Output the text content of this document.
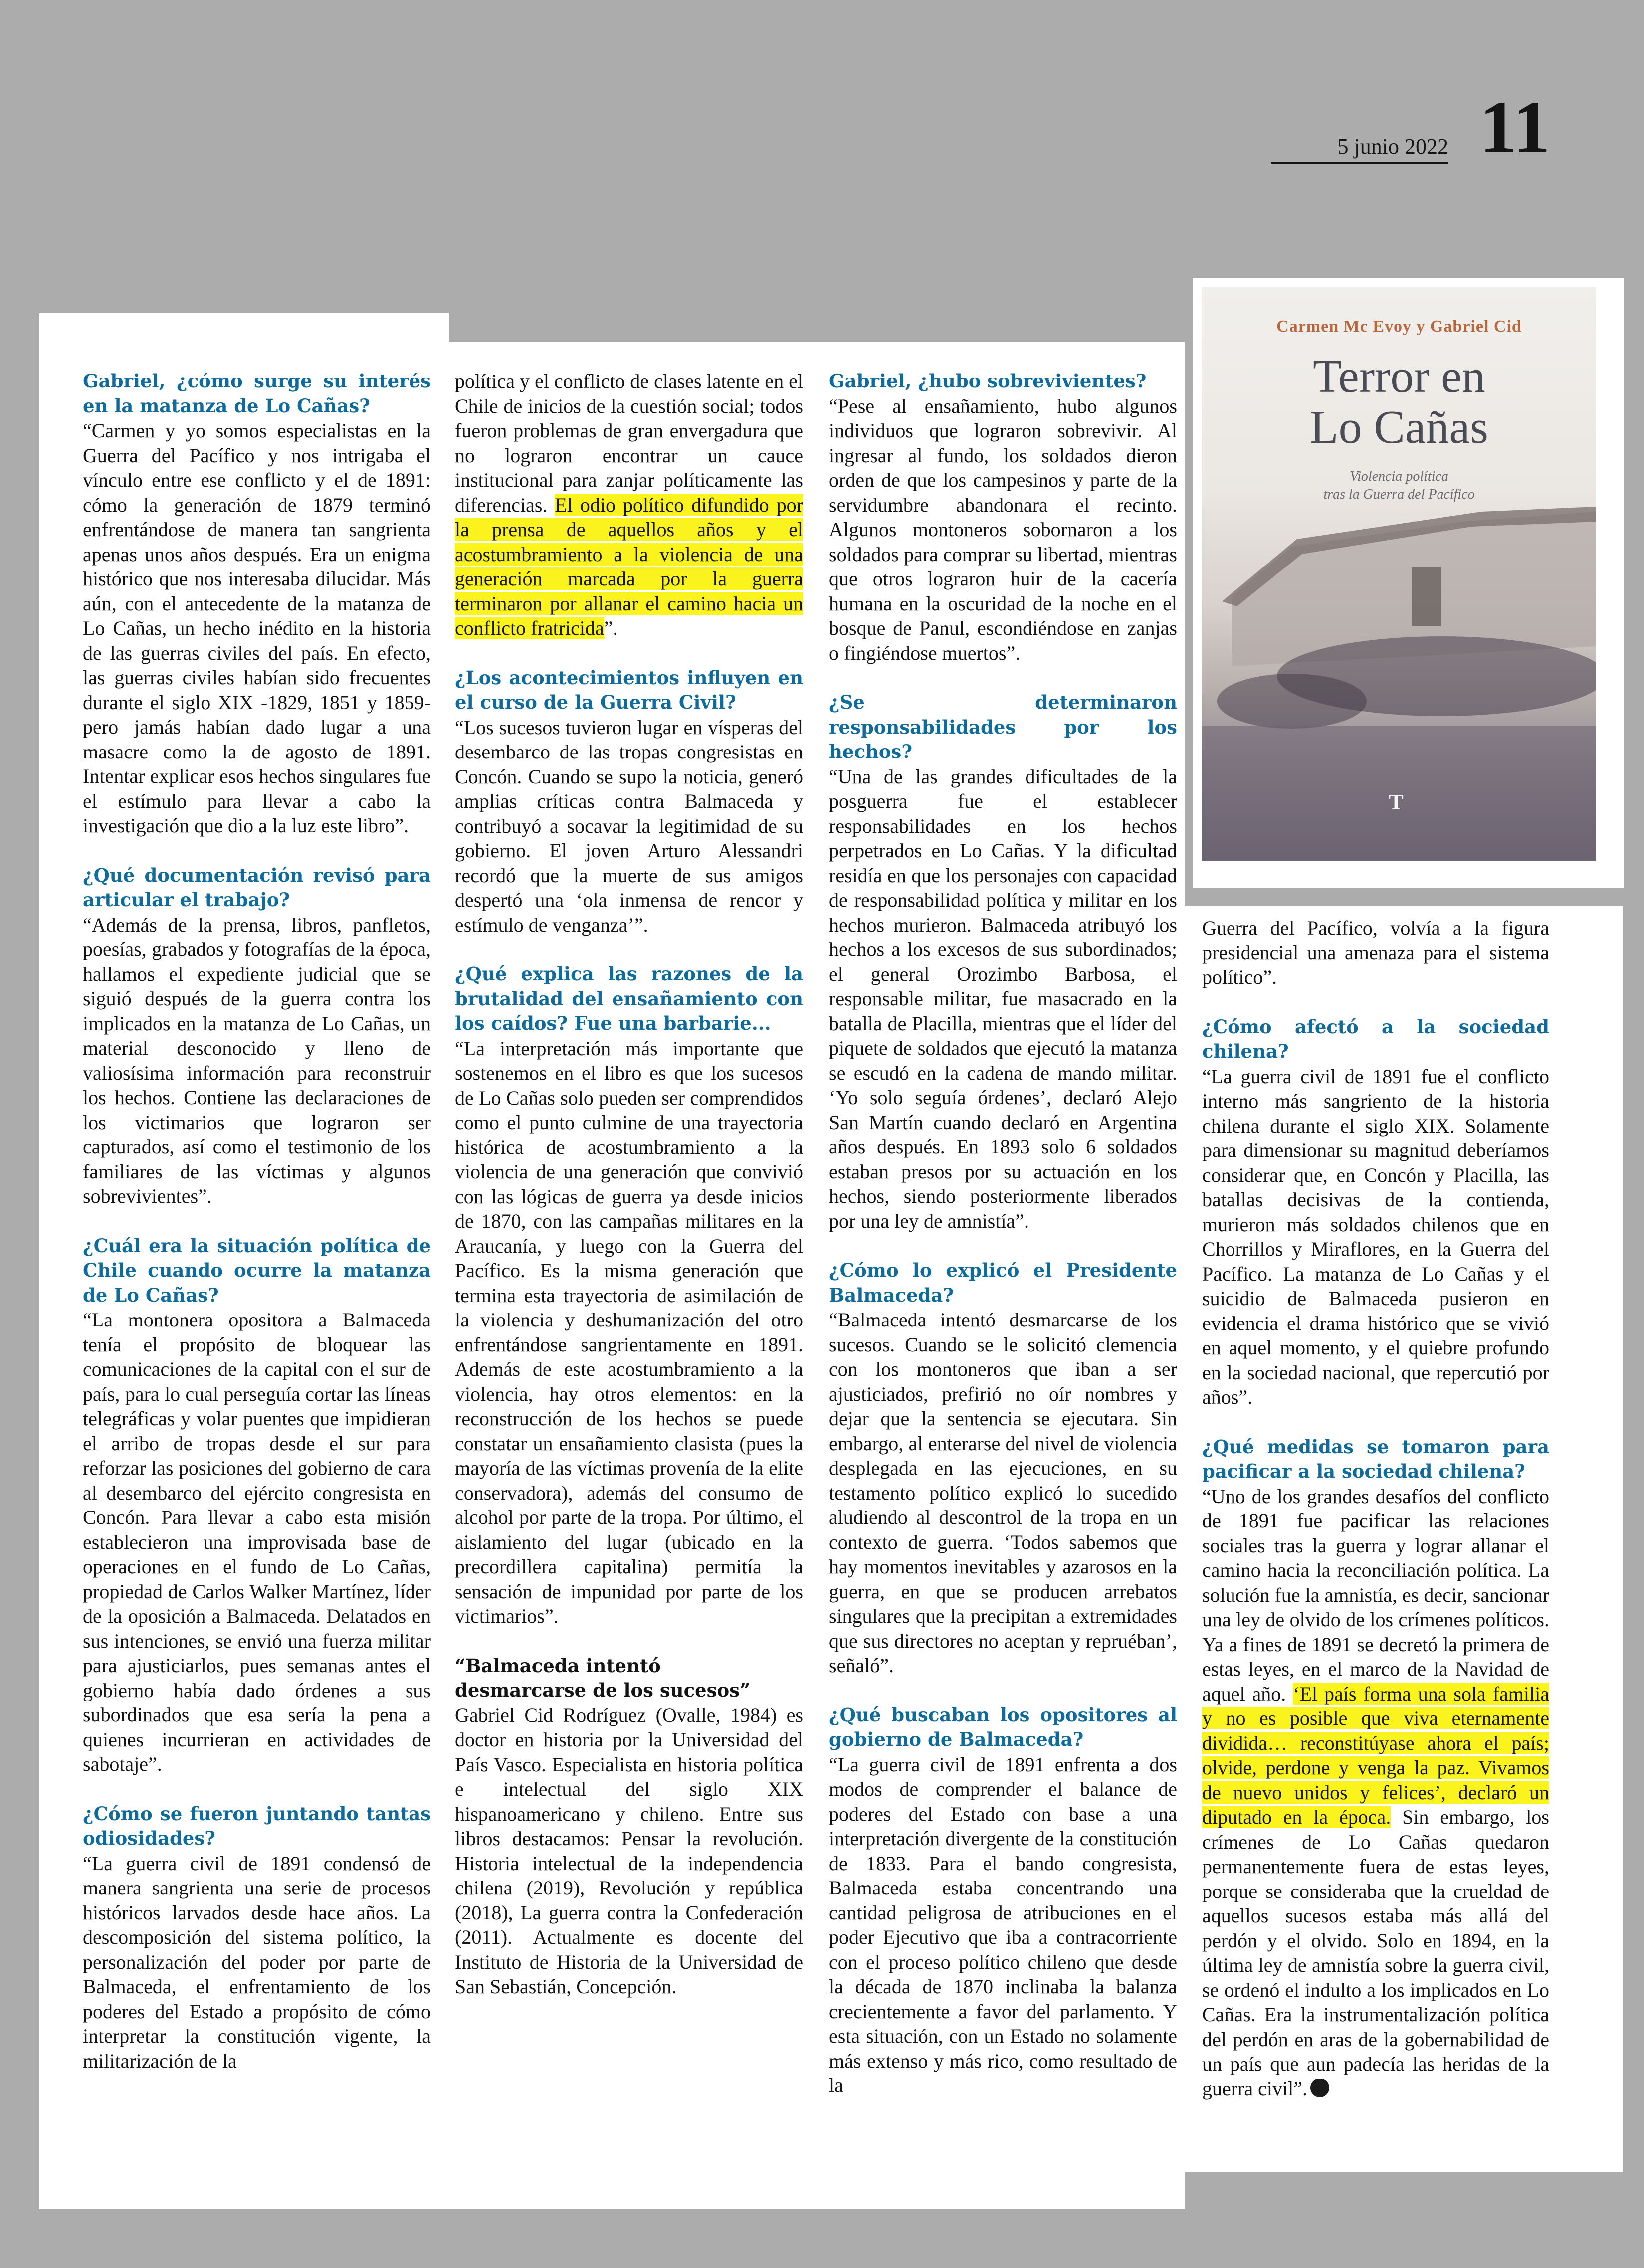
5 junio 2022 11
Carmen Mc Evoy y Gabriel Cid
Terror en
Lo Cañas
Violencia política
tras la Guerra del Pacífico
T

Gabriel, ¿cómo surge su interés en la matanza de Lo Cañas?

“Carmen y yo somos especialistas en la Guerra del Pacífico y nos intrigaba el vínculo entre ese conflicto y el de 1891: cómo la generación de 1879 terminó enfrentándose de manera tan sangrienta apenas unos años después. Era un enigma histórico que nos interesaba dilucidar. Más aún, con el antecedente de la matanza de Lo Cañas, un hecho inédito en la historia de las guerras civiles del país. En efecto, las guerras civiles habían sido frecuentes durante el siglo XIX -1829, 1851 y 1859- pero jamás habían dado lugar a una masacre como la de agosto de 1891. Intentar explicar esos hechos singulares fue el estímulo para llevar a cabo la investigación que dio a la luz este libro”.

¿Qué documentación revisó para articular el trabajo?

“Además de la prensa, libros, panfletos, poesías, grabados y fotografías de la época, hallamos el expediente judicial que se siguió después de la guerra contra los implicados en la matanza de Lo Cañas, un material desconocido y lleno de valiosísima información para reconstruir los hechos. Contiene las declaraciones de los victimarios que lograron ser capturados, así como el testimonio de los familiares de las víctimas y algunos sobrevivientes”.

¿Cuál era la situación política de Chile cuando ocurre la matanza de Lo Cañas?

“La montonera opositora a Balmaceda tenía el propósito de bloquear las comunicaciones de la capital con el sur de país, para lo cual perseguía cortar las líneas telegráficas y volar puentes que impidieran el arribo de tropas desde el sur para reforzar las posiciones del gobierno de cara al desembarco del ejército congresista en Concón. Para llevar a cabo esta misión establecieron una improvisada base de operaciones en el fundo de Lo Cañas, propiedad de Carlos Walker Martínez, líder de la oposición a Balmaceda. Delatados en sus intenciones, se envió una fuerza militar para ajusticiarlos, pues semanas antes el gobierno había dado órdenes a sus subordinados que esa sería la pena a quienes incurrieran en actividades de sabotaje”.

¿Cómo se fueron juntando tantas odiosidades?

“La guerra civil de 1891 condensó de manera sangrienta una serie de procesos históricos larvados desde hace años. La descomposición del sistema político, la personalización del poder por parte de Balmaceda, el enfrentamiento de los poderes del Estado a propósito de cómo interpretar la constitución vigente, la militarización de la

política y el conflicto de clases latente en el Chile de inicios de la cuestión social; todos fueron problemas de gran envergadura que no lograron encontrar un cauce institucional para zanjar políticamente las diferencias. El odio político difundido por la prensa de aquellos años y el acostumbramiento a la violencia de una generación marcada por la guerra terminaron por allanar el camino hacia un conflicto fratricida”.

¿Los acontecimientos influyen en el curso de la Guerra Civil?

“Los sucesos tuvieron lugar en vísperas del desembarco de las tropas congresistas en Concón. Cuando se supo la noticia, generó amplias críticas contra Balmaceda y contribuyó a socavar la legitimidad de su gobierno. El joven Arturo Alessandri recordó que la muerte de sus amigos despertó una ‘ola inmensa de rencor y estímulo de venganza’”.

¿Qué explica las razones de la brutalidad del ensañamiento con los caídos? Fue una barbarie...

“La interpretación más importante que sostenemos en el libro es que los sucesos de Lo Cañas solo pueden ser comprendidos como el punto culmine de una trayectoria histórica de acostumbramiento a la violencia de una generación que convivió con las lógicas de guerra ya desde inicios de 1870, con las campañas militares en la Araucanía, y luego con la Guerra del Pacífico. Es la misma generación que termina esta trayectoria de asimilación de la violencia y deshumanización del otro enfrentándose sangrientamente en 1891. Además de este acostumbramiento a la violencia, hay otros elementos: en la reconstrucción de los hechos se puede constatar un ensañamiento clasista (pues la mayoría de las víctimas provenía de la elite conservadora), además del consumo de alcohol por parte de la tropa. Por último, el aislamiento del lugar (ubicado en la precordillera capitalina) permitía la sensación de impunidad por parte de los victimarios”.

“Balmaceda intentó
desmarcarse de los sucesos”

Gabriel Cid Rodríguez (Ovalle, 1984) es doctor en historia por la Universidad del País Vasco. Especialista en historia política e intelectual del siglo XIX hispanoamericano y chileno. Entre sus libros destacamos: Pensar la revolución. Historia intelectual de la independencia chilena (2019), Revolución y república (2018), La guerra contra la Confederación (2011). Actualmente es docente del Instituto de Historia de la Universidad de San Sebastián, Concepción.

Gabriel, ¿hubo sobrevivientes?

“Pese al ensañamiento, hubo algunos individuos que lograron sobrevivir. Al ingresar al fundo, los soldados dieron orden de que los campesinos y parte de la servidumbre abandonara el recinto. Algunos montoneros sobornaron a los soldados para comprar su libertad, mientras que otros lograron huir de la cacería humana en la oscuridad de la noche en el bosque de Panul, escondiéndose en zanjas o fingiéndose muertos”.

¿Se determinaron responsabilidades por los hechos?

“Una de las grandes dificultades de la posguerra fue el establecer responsabilidades en los hechos perpetrados en Lo Cañas. Y la dificultad residía en que los personajes con capacidad de responsabilidad política y militar en los hechos murieron. Balmaceda atribuyó los hechos a los excesos de sus subordinados; el general Orozimbo Barbosa, el responsable militar, fue masacrado en la batalla de Placilla, mientras que el líder del piquete de soldados que ejecutó la matanza se escudó en la cadena de mando militar. ‘Yo solo seguía órdenes’, declaró Alejo San Martín cuando declaró en Argentina años después. En 1893 solo 6 soldados estaban presos por su actuación en los hechos, siendo posteriormente liberados por una ley de amnistía”.

¿Cómo lo explicó el Presidente Balmaceda?

“Balmaceda intentó desmarcarse de los sucesos. Cuando se le solicitó clemencia con los montoneros que iban a ser ajusticiados, prefirió no oír nombres y dejar que la sentencia se ejecutara. Sin embargo, al enterarse del nivel de violencia desplegada en las ejecuciones, en su testamento político explicó lo sucedido aludiendo al descontrol de la tropa en un contexto de guerra. ‘Todos sabemos que hay momentos inevitables y azarosos en la guerra, en que se producen arrebatos singulares que la precipitan a extremidades que sus directores no aceptan y repruéban’, señaló”.

¿Qué buscaban los opositores al gobierno de Balmaceda?

“La guerra civil de 1891 enfrenta a dos modos de comprender el balance de poderes del Estado con base a una interpretación divergente de la constitución de 1833. Para el bando congresista, Balmaceda estaba concentrando una cantidad peligrosa de atribuciones en el poder Ejecutivo que iba a contracorriente con el proceso político chileno que desde la década de 1870 inclinaba la balanza crecientemente a favor del parlamento. Y esta situación, con un Estado no solamente más extenso y más rico, como resultado de la

Guerra del Pacífico, volvía a la figura presidencial una amenaza para el sistema político”.

¿Cómo afectó a la sociedad chilena?

“La guerra civil de 1891 fue el conflicto interno más sangriento de la historia chilena durante el siglo XIX. Solamente para dimensionar su magnitud deberíamos considerar que, en Concón y Placilla, las batallas decisivas de la contienda, murieron más soldados chilenos que en Chorrillos y Miraflores, en la Guerra del Pacífico. La matanza de Lo Cañas y el suicidio de Balmaceda pusieron en evidencia el drama histórico que se vivió en aquel momento, y el quiebre profundo en la sociedad nacional, que repercutió por años”.

¿Qué medidas se tomaron para pacificar a la sociedad chilena?

“Uno de los grandes desafíos del conflicto de 1891 fue pacificar las relaciones sociales tras la guerra y lograr allanar el camino hacia la reconciliación política. La solución fue la amnistía, es decir, sancionar una ley de olvido de los crímenes políticos. Ya a fines de 1891 se decretó la primera de estas leyes, en el marco de la Navidad de aquel año. ‘El país forma una sola familia y no es posible que viva eternamente dividida… reconstitúyase ahora el país; olvide, perdone y venga la paz. Vivamos de nuevo unidos y felices’, declaró un diputado en la época. Sin embargo, los crímenes de Lo Cañas quedaron permanentemente fuera de estas leyes, porque se consideraba que la crueldad de aquellos sucesos estaba más allá del perdón y el olvido. Solo en 1894, en la última ley de amnistía sobre la guerra civil, se ordenó el indulto a los implicados en Lo Cañas. Era la instrumentalización política del perdón en aras de la gobernabilidad de un país que aun padecía las heridas de la guerra civil”.
